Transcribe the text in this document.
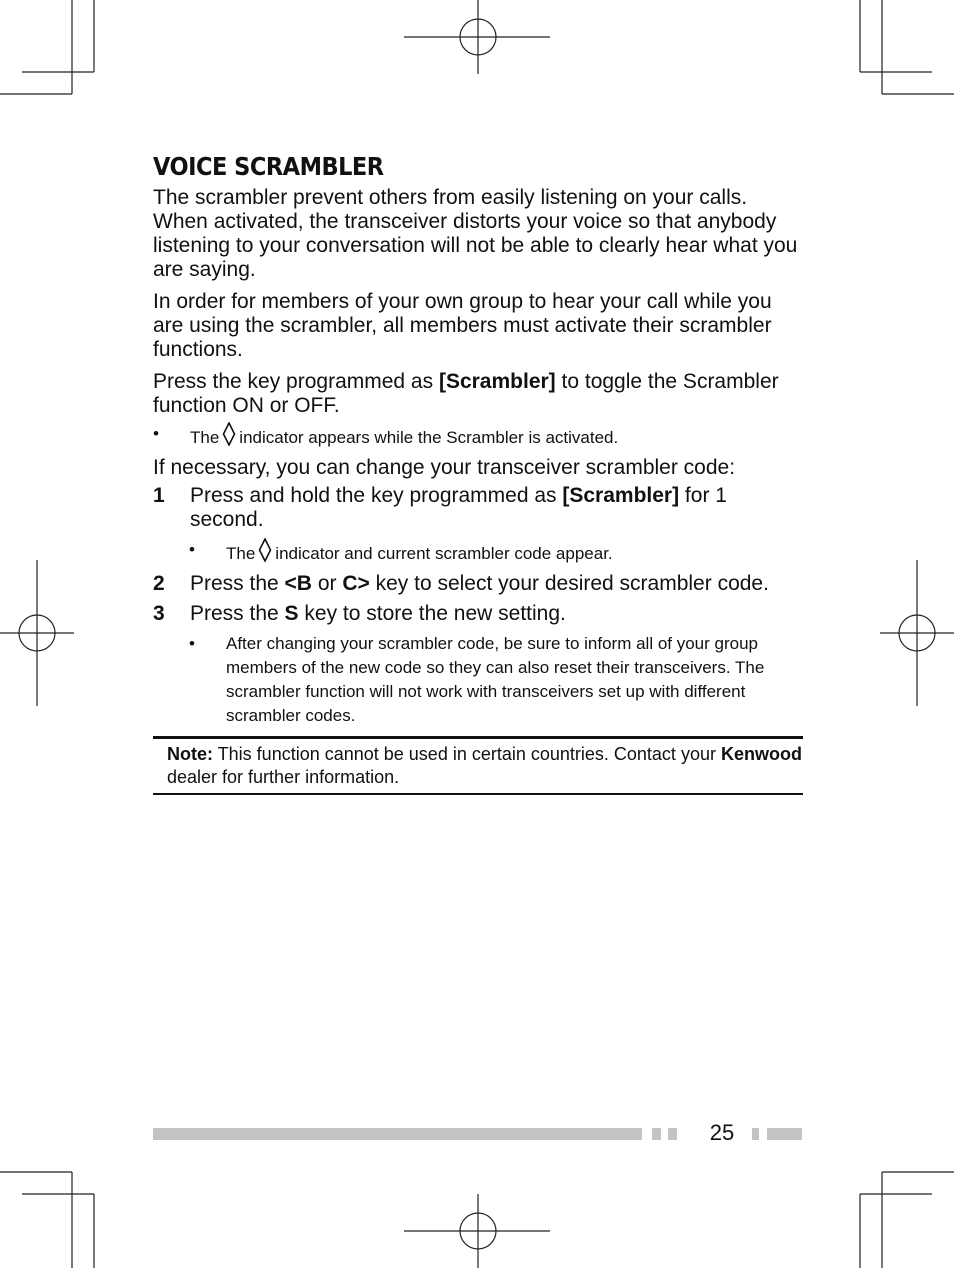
VOICE SCRAMBLER

The scrambler prevent others from easily listening on your calls. When activated, the transceiver distorts your voice so that anybody listening to your conversation will not be able to clearly hear what you are saying.

In order for members of your own group to hear your call while you are using the scrambler, all members must activate their scrambler functions.

Press the key programmed as [Scrambler] to toggle the Scrambler function ON or OFF.

• The indicator appears while the Scrambler is activated.

If necessary, you can change your transceiver scrambler code:

1 Press and hold the key programmed as [Scrambler] for 1 second.
• The indicator and current scrambler code appear.
2 Press the <B or C> key to select your desired scrambler code.
3 Press the S key to store the new setting.
• After changing your scrambler code, be sure to inform all of your group members of the new code so they can also reset their transceivers. The scrambler function will not work with transceivers set up with different scrambler codes.
Note: This function cannot be used in certain countries. Contact your Kenwood dealer for further information.
25
